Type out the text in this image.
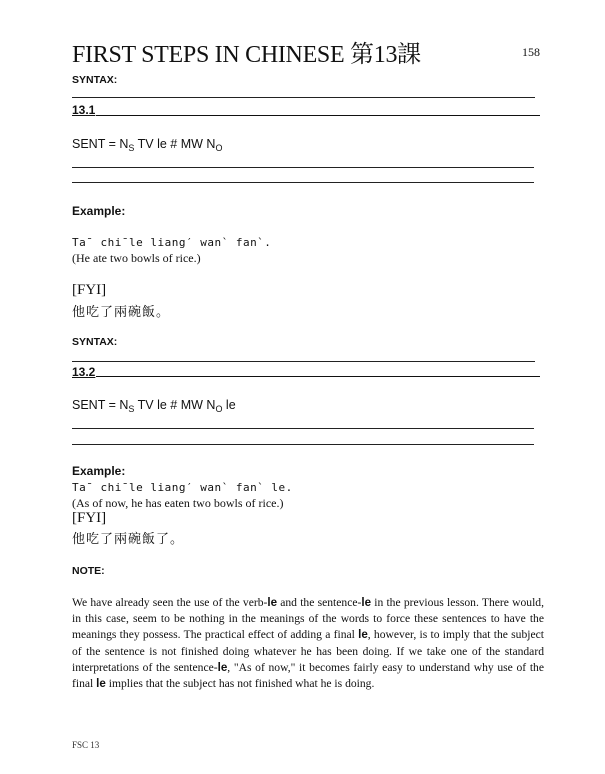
FIRST STEPS IN CHINESE 第13課	158
SYNTAX:
13.1
SENT = $N_S$ TV le # MW $N_O$
Example:
Ta¯ chi¯le liang′ wan` fan`.
(He ate two bowls of rice.)
[FYI]
他吃了兩碗飯。
SYNTAX:
13.2
SENT = $N_S$ TV le # MW $N_O$ le
Example:
Ta¯ chi¯le liang′ wan` fan` le.
(As of now, he has eaten two bowls of rice.)
[FYI]
他吃了兩碗飯了。
NOTE:
We have already seen the use of the verb-le and the sentence-le in the previous lesson. There would, in this case, seem to be nothing in the meanings of the words to force these sentences to have the meanings they possess. The practical effect of adding a final le, however, is to imply that the subject of the sentence is not finished doing whatever he has been doing. If we take one of the standard interpretations of the sentence-le, "As of now," it becomes fairly easy to understand why use of the final le implies that the subject has not finished what he is doing.
FSC 13
